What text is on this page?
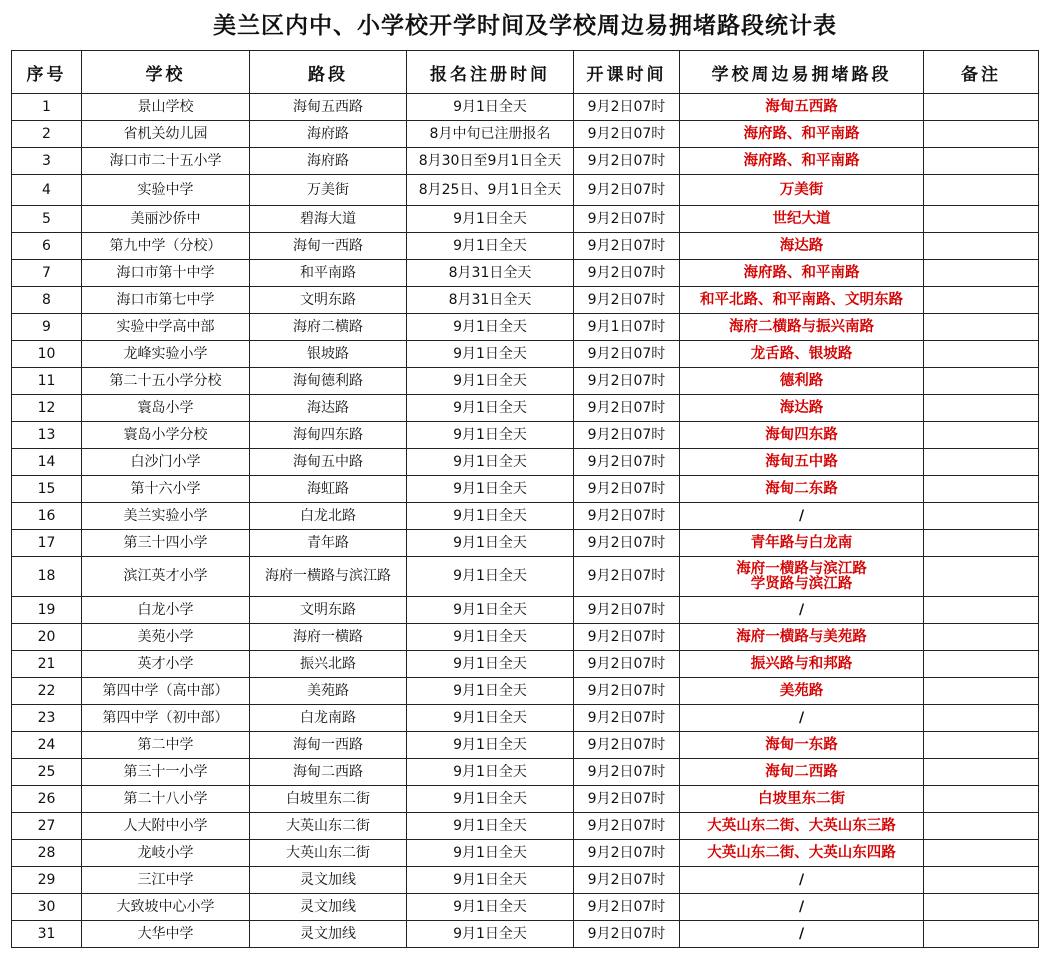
美兰区内中、小学校开学时间及学校周边易拥堵路段统计表
序号	学校	路段	报名注册时间	开课时间	学校周边易拥堵路段	备注
1	景山学校	海甸五西路	9月1日全天	9月2日07时	海甸五西路	

2	省机关幼儿园	海府路	8月中旬已注册报名	9月2日07时	海府路、和平南路	

3	海口市二十五小学	海府路	8月30日至9月1日全天	9月2日07时	海府路、和平南路	

4	实验中学	万美街	8月25日、9月1日全天	9月2日07时	万美街	

5	美丽沙侨中	碧海大道	9月1日全天	9月2日07时	世纪大道	

6	第九中学（分校）	海甸一西路	9月1日全天	9月2日07时	海达路	

7	海口市第十中学	和平南路	8月31日全天	9月2日07时	海府路、和平南路	

8	海口市第七中学	文明东路	8月31日全天	9月2日07时	和平北路、和平南路、文明东路	

9	实验中学高中部	海府二横路	9月1日全天	9月1日07时	海府二横路与振兴南路	

10	龙峰实验小学	银坡路	9月1日全天	9月2日07时	龙舌路、银坡路	

11	第二十五小学分校	海甸德利路	9月1日全天	9月2日07时	德利路	

12	寰岛小学	海达路	9月1日全天	9月2日07时	海达路	

13	寰岛小学分校	海甸四东路	9月1日全天	9月2日07时	海甸四东路	

14	白沙门小学	海甸五中路	9月1日全天	9月2日07时	海甸五中路	

15	第十六小学	海虹路	9月1日全天	9月2日07时	海甸二东路	

16	美兰实验小学	白龙北路	9月1日全天	9月2日07时	/	
17	第三十四小学	青年路	9月1日全天	9月2日07时	青年路与白龙南	

18	滨江英才小学	海府一横路与滨江路	9月1日全天	9月2日07时	海府一横路与滨江路
学贤路与滨江路	

19	白龙小学	文明东路	9月1日全天	9月2日07时	/	
20	美苑小学	海府一横路	9月1日全天	9月2日07时	海府一横路与美苑路	

21	英才小学	振兴北路	9月1日全天	9月2日07时	振兴路与和邦路	

22	第四中学（高中部）	美苑路	9月1日全天	9月2日07时	美苑路	

23	第四中学（初中部）	白龙南路	9月1日全天	9月2日07时	/	
24	第二中学	海甸一西路	9月1日全天	9月2日07时	海甸一东路	

25	第三十一小学	海甸二西路	9月1日全天	9月2日07时	海甸二西路	

26	第二十八小学	白坡里东二街	9月1日全天	9月2日07时	白坡里东二街	

27	人大附中小学	大英山东二街	9月1日全天	9月2日07时	大英山东二街、大英山东三路	

28	龙岐小学	大英山东二街	9月1日全天	9月2日07时	大英山东二街、大英山东四路	

29	三江中学	灵文加线	9月1日全天	9月2日07时	/	
30	大致坡中心小学	灵文加线	9月1日全天	9月2日07时	/	
31	大华中学	灵文加线	9月1日全天	9月2日07时	/	
